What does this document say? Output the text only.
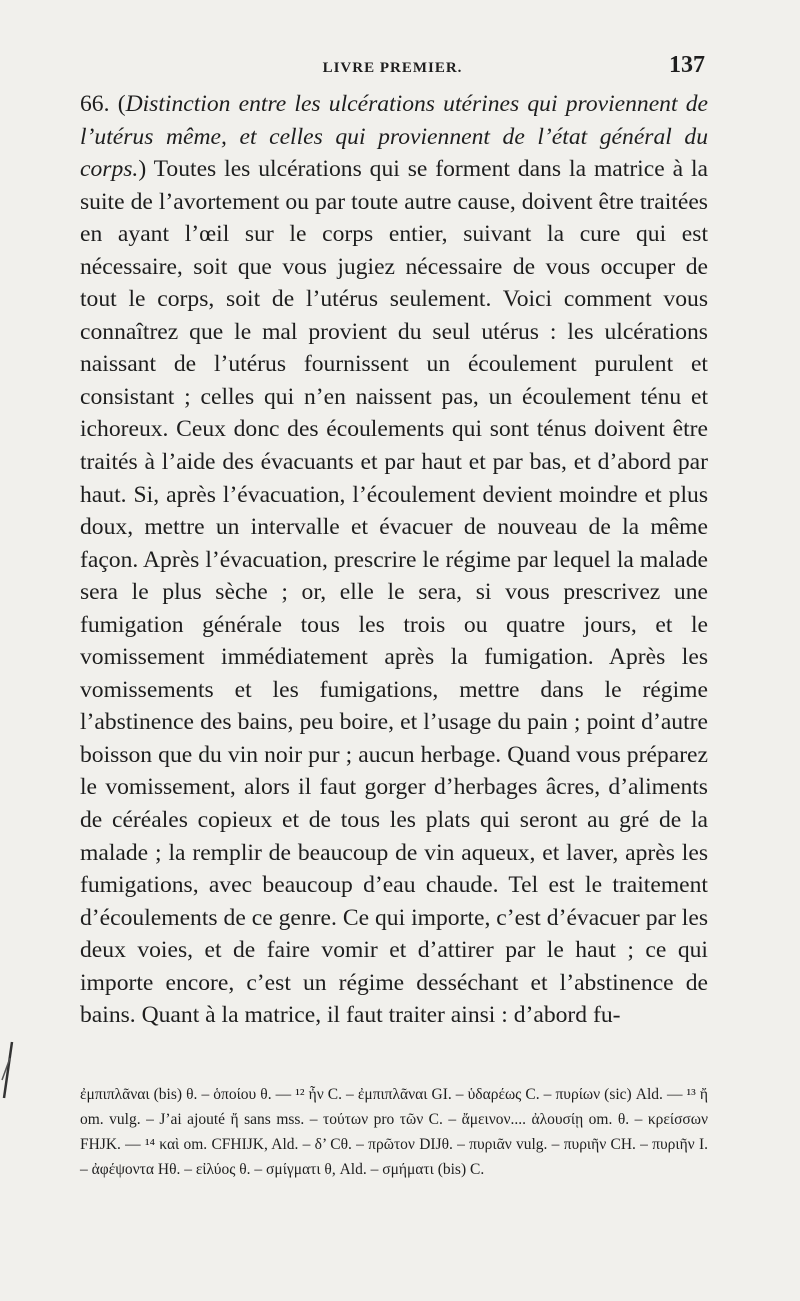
LIVRE PREMIER.	137
66. (Distinction entre les ulcérations utérines qui proviennent de l’utérus même, et celles qui proviennent de l’état général du corps.) Toutes les ulcérations qui se forment dans la matrice à la suite de l’avortement ou par toute autre cause, doivent être traitées en ayant l’œil sur le corps entier, suivant la cure qui est nécessaire, soit que vous jugiez nécessaire de vous occuper de tout le corps, soit de l’utérus seulement. Voici comment vous connaîtrez que le mal provient du seul utérus : les ulcérations naissant de l’utérus fournissent un écoulement purulent et consistant ; celles qui n’en naissent pas, un écoulement ténu et ichoreux. Ceux donc des écoulements qui sont ténus doivent être traités à l’aide des évacuants et par haut et par bas, et d’abord par haut. Si, après l’évacuation, l’écoulement devient moindre et plus doux, mettre un intervalle et évacuer de nouveau de la même façon. Après l’évacuation, prescrire le régime par lequel la malade sera le plus sèche ; or, elle le sera, si vous prescrivez une fumigation générale tous les trois ou quatre jours, et le vomissement immédiatement après la fumigation. Après les vomissements et les fumigations, mettre dans le régime l’abstinence des bains, peu boire, et l’usage du pain ; point d’autre boisson que du vin noir pur ; aucun herbage. Quand vous préparez le vomissement, alors il faut gorger d’herbages âcres, d’aliments de céréales copieux et de tous les plats qui seront au gré de la malade ; la remplir de beaucoup de vin aqueux, et laver, après les fumigations, avec beaucoup d’eau chaude. Tel est le traitement d’écoulements de ce genre. Ce qui importe, c’est d’évacuer par les deux voies, et de faire vomir et d’attirer par le haut ; ce qui importe encore, c’est un régime desséchant et l’abstinence de bains. Quant à la matrice, il faut traiter ainsi : d’abord fu-
ἐμπιπλᾶναι (bis) θ. – ὁποίου θ. — ¹² ἦν C. – ἐμπιπλᾶναι GI. – ὑδαρέως C. – πυρίων (sic) Ald. — ¹³ ἤ om. vulg. – J’ai ajouté ἤ sans mss. – τούτων pro τῶν C. – ἄμεινον.... ἀλουσίῃ om. θ. – κρείσσων FHJK. — ¹⁴ καὶ om. CFHIJK, Ald. – δ’ Cθ. – πρῶτον DIJθ. – πυριᾶν vulg. – πυριῆν CH. – πυριῆν I. – ἀφέψοντα Hθ. – εἰλύος θ. – σμίγματι θ, Ald. – σμήματι (bis) C.
